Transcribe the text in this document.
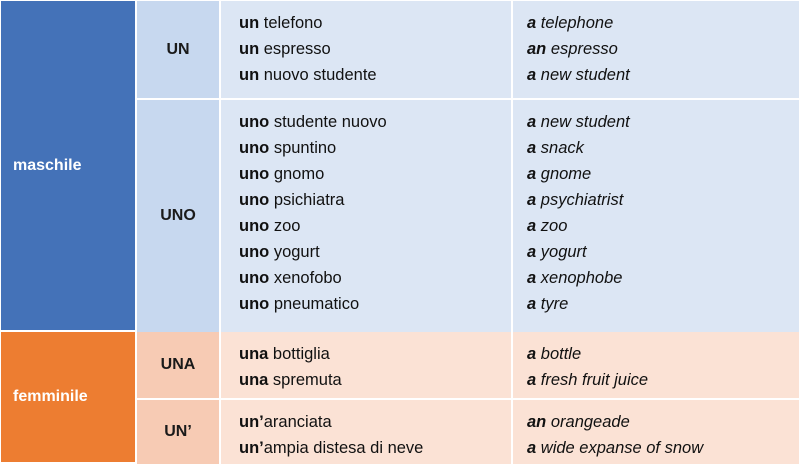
maschile
UN
un telefono
un espresso
un nuovo studente
a telephone
an espresso
a new student
UNO
uno studente nuovo
uno spuntino
uno gnomo
uno psichiatra
uno zoo
uno yogurt
uno xenofobo
uno pneumatico
a new student
a snack
a gnome
a psychiatrist
a zoo
a yogurt
a xenophobe
a tyre
femminile
UNA
una bottiglia
una spremuta
a bottle
a fresh fruit juice
UN’
un’aranciata
un’ampia distesa di neve
an orangeade
a wide expanse of snow
